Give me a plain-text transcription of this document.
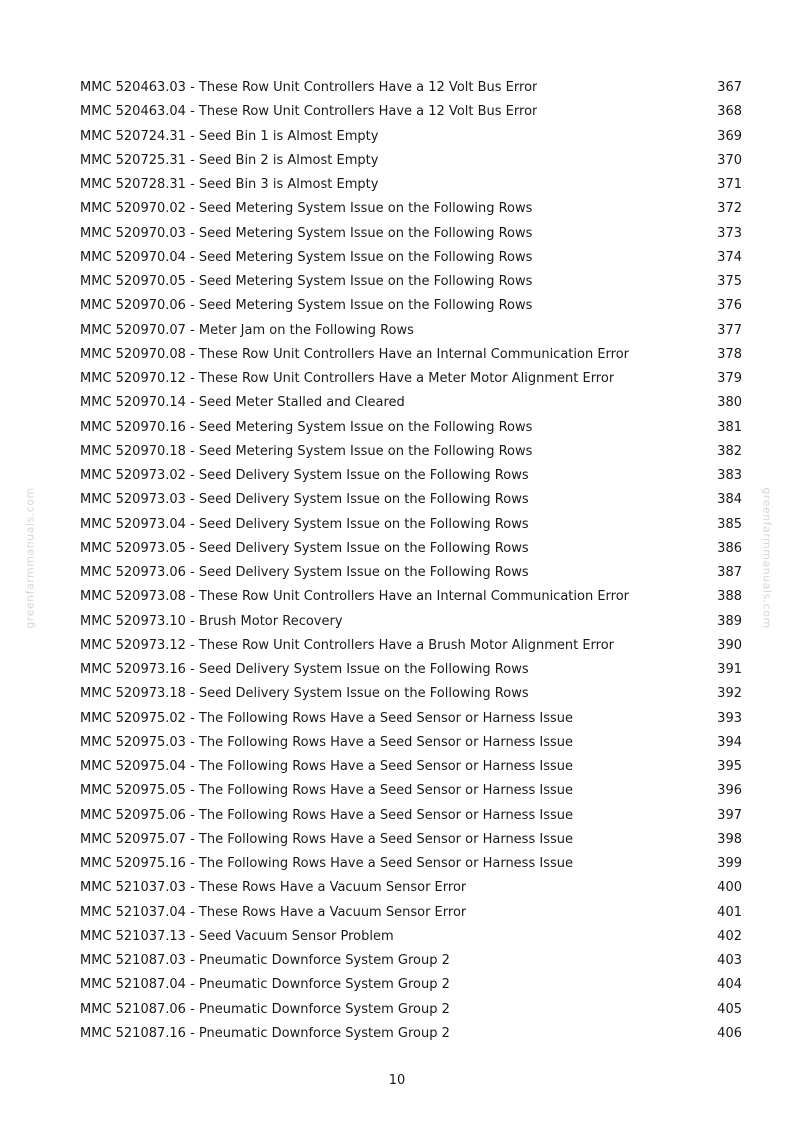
MMC 520463.03 - These Row Unit Controllers Have a 12 Volt Bus Error	367
MMC 520463.04 - These Row Unit Controllers Have a 12 Volt Bus Error	368
MMC 520724.31 - Seed Bin 1 is Almost Empty	369
MMC 520725.31 - Seed Bin 2 is Almost Empty	370
MMC 520728.31 - Seed Bin 3 is Almost Empty	371
MMC 520970.02 - Seed Metering System Issue on the Following Rows	372
MMC 520970.03 - Seed Metering System Issue on the Following Rows	373
MMC 520970.04 - Seed Metering System Issue on the Following Rows	374
MMC 520970.05 - Seed Metering System Issue on the Following Rows	375
MMC 520970.06 - Seed Metering System Issue on the Following Rows	376
MMC 520970.07 - Meter Jam on the Following Rows	377
MMC 520970.08 - These Row Unit Controllers Have an Internal Communication Error	378
MMC 520970.12 - These Row Unit Controllers Have a Meter Motor Alignment Error	379
MMC 520970.14 - Seed Meter Stalled and Cleared	380
MMC 520970.16 - Seed Metering System Issue on the Following Rows	381
MMC 520970.18 - Seed Metering System Issue on the Following Rows	382
MMC 520973.02 - Seed Delivery System Issue on the Following Rows	383
MMC 520973.03 - Seed Delivery System Issue on the Following Rows	384
MMC 520973.04 - Seed Delivery System Issue on the Following Rows	385
MMC 520973.05 - Seed Delivery System Issue on the Following Rows	386
MMC 520973.06 - Seed Delivery System Issue on the Following Rows	387
MMC 520973.08 - These Row Unit Controllers Have an Internal Communication Error	388
MMC 520973.10 - Brush Motor Recovery	389
MMC 520973.12 - These Row Unit Controllers Have a Brush Motor Alignment Error	390
MMC 520973.16 - Seed Delivery System Issue on the Following Rows	391
MMC 520973.18 - Seed Delivery System Issue on the Following Rows	392
MMC 520975.02 - The Following Rows Have a Seed Sensor or Harness Issue	393
MMC 520975.03 - The Following Rows Have a Seed Sensor or Harness Issue	394
MMC 520975.04 - The Following Rows Have a Seed Sensor or Harness Issue	395
MMC 520975.05 - The Following Rows Have a Seed Sensor or Harness Issue	396
MMC 520975.06 - The Following Rows Have a Seed Sensor or Harness Issue	397
MMC 520975.07 - The Following Rows Have a Seed Sensor or Harness Issue	398
MMC 520975.16 - The Following Rows Have a Seed Sensor or Harness Issue	399
MMC 521037.03 - These Rows Have a Vacuum Sensor Error	400
MMC 521037.04 - These Rows Have a Vacuum Sensor Error	401
MMC 521037.13 - Seed Vacuum Sensor Problem	402
MMC 521087.03 - Pneumatic Downforce System Group 2	403
MMC 521087.04 - Pneumatic Downforce System Group 2	404
MMC 521087.06 - Pneumatic Downforce System Group 2	405
MMC 521087.16 - Pneumatic Downforce System Group 2	406
greenfarmmanuals.com	greenfarmmanuals.com
10
